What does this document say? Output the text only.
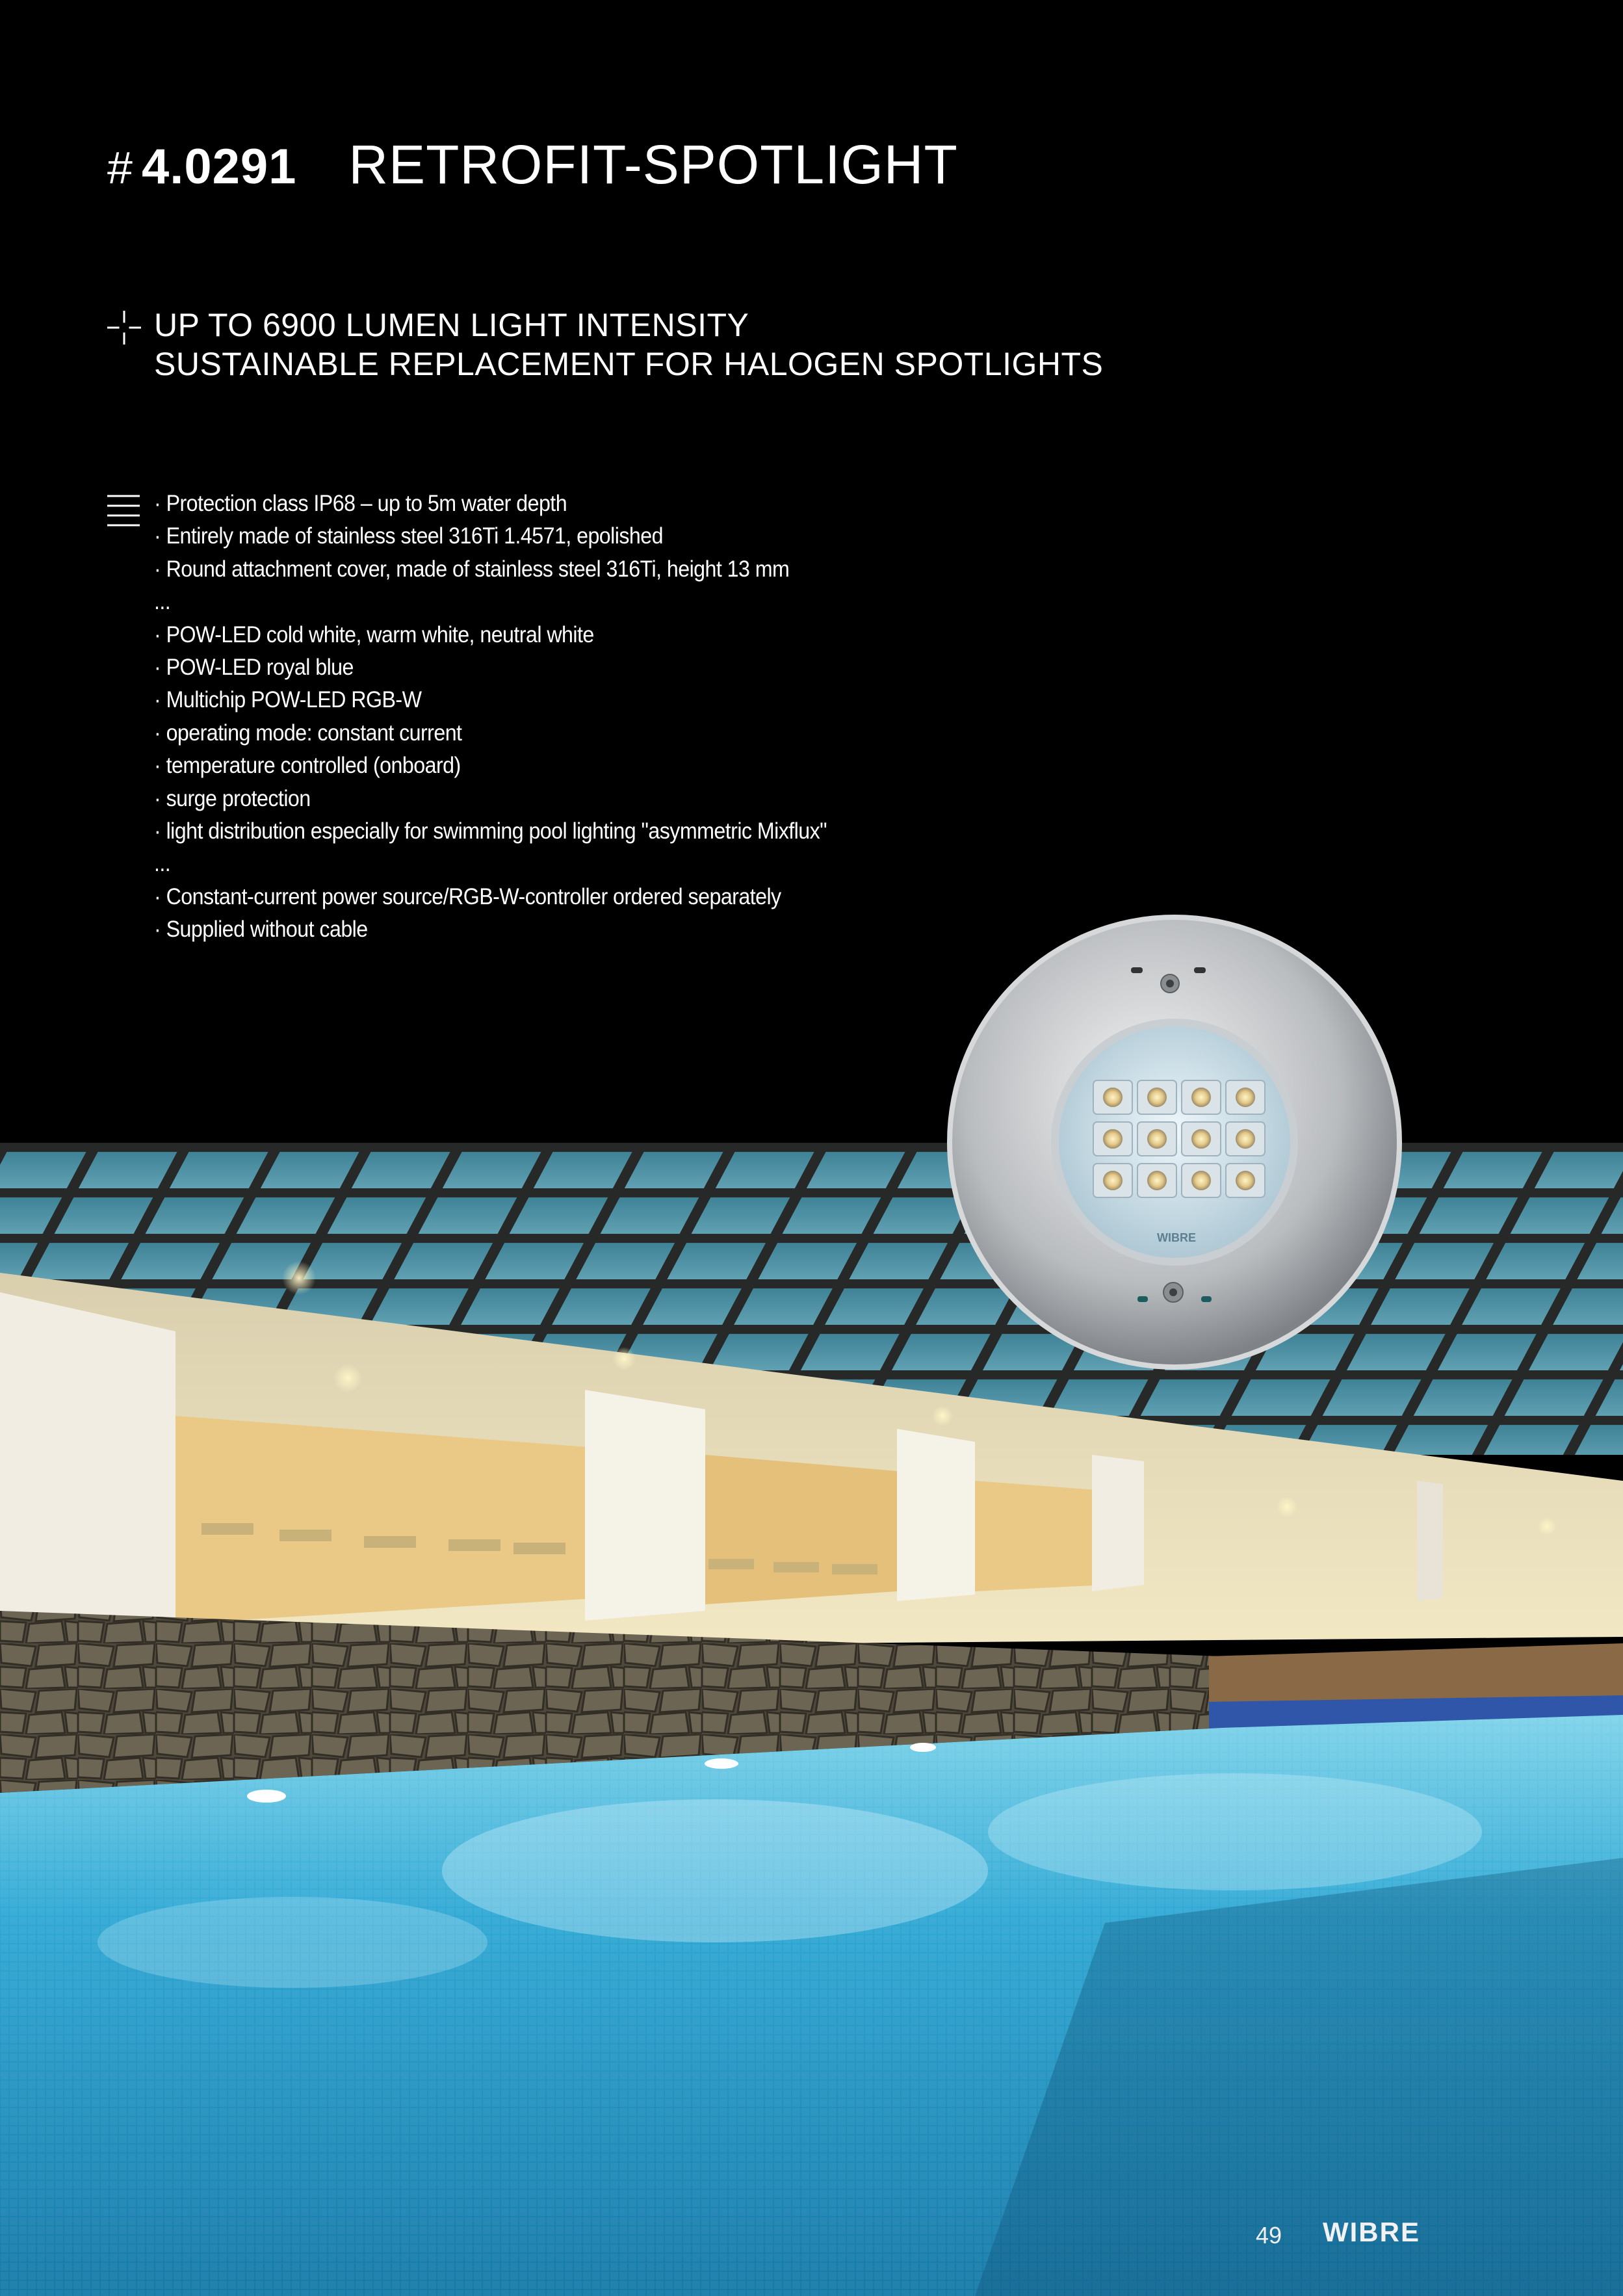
# 4.0291 RETROFIT-SPOTLIGHT
UP TO 6900 LUMEN LIGHT INTENSITY
SUSTAINABLE REPLACEMENT FOR HALOGEN SPOTLIGHTS
· Protection class IP68 – up to 5m water depth
· Entirely made of stainless steel 316Ti 1.4571, epolished
· Round attachment cover, made of stainless steel 316Ti, height 13 mm
...
· POW-LED cold white, warm white, neutral white
· POW-LED royal blue
· Multichip POW-LED RGB-W
· operating mode: constant current
· temperature controlled (onboard)
· surge protection
· light distribution especially for swimming pool lighting "asymmetric Mixflux"
...
· Constant-current power source/RGB-W-controller ordered separately
· Supplied without cable
WIBRE
49 WIBRE
